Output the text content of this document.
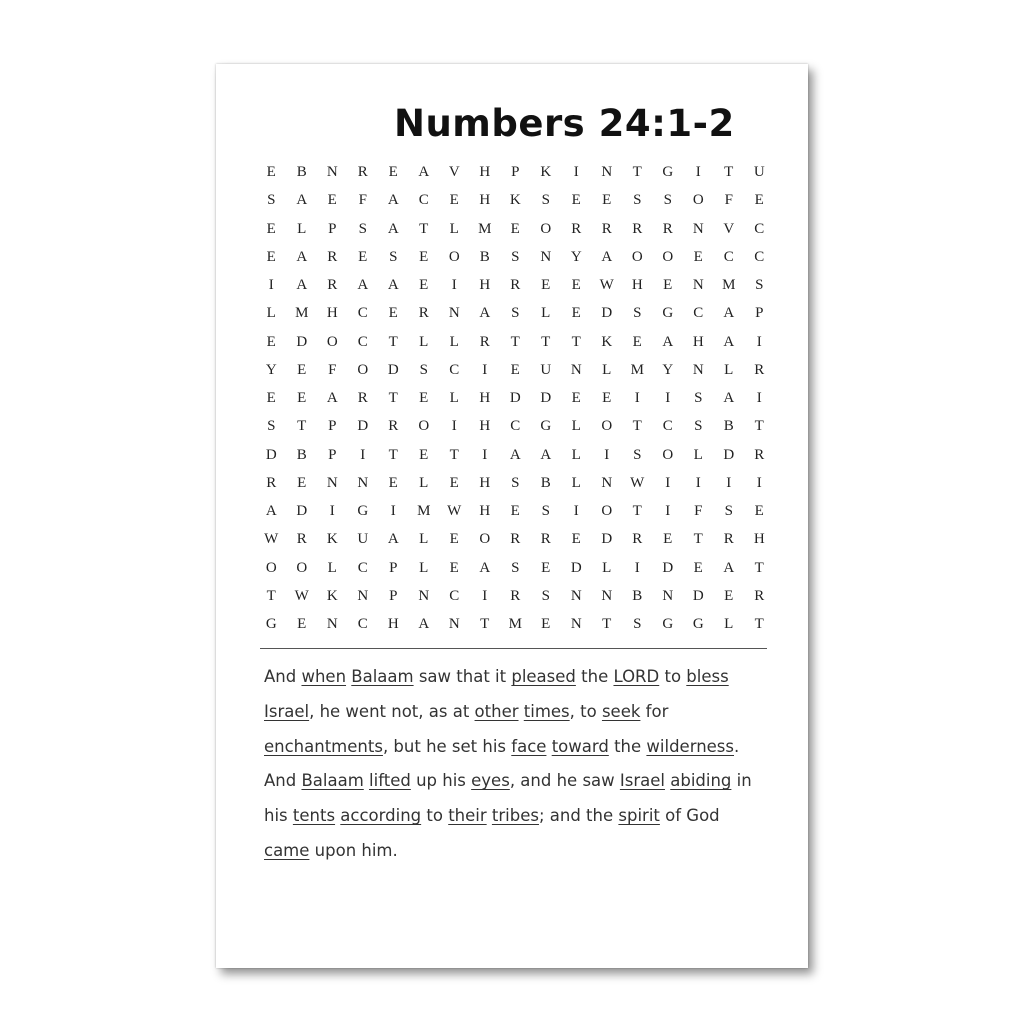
Numbers 24:1-2
E	B	N	R	E	A	V	H	P	K	I	N	T	G	I	T	U
S	A	E	F	A	C	E	H	K	S	E	E	S	S	O	F	E
E	L	P	S	A	T	L	M	E	O	R	R	R	R	N	V	C
E	A	R	E	S	E	O	B	S	N	Y	A	O	O	E	C	C
I	A	R	A	A	E	I	H	R	E	E	W	H	E	N	M	S
L	M	H	C	E	R	N	A	S	L	E	D	S	G	C	A	P
E	D	O	C	T	L	L	R	T	T	T	K	E	A	H	A	I
Y	E	F	O	D	S	C	I	E	U	N	L	M	Y	N	L	R
E	E	A	R	T	E	L	H	D	D	E	E	I	I	S	A	I
S	T	P	D	R	O	I	H	C	G	L	O	T	C	S	B	T
D	B	P	I	T	E	T	I	A	A	L	I	S	O	L	D	R
R	E	N	N	E	L	E	H	S	B	L	N	W	I	I	I	I
A	D	I	G	I	M	W	H	E	S	I	O	T	I	F	S	E
W	R	K	U	A	L	E	O	R	R	E	D	R	E	T	R	H
O	O	L	C	P	L	E	A	S	E	D	L	I	D	E	A	T
T	W	K	N	P	N	C	I	R	S	N	N	B	N	D	E	R
G	E	N	C	H	A	N	T	M	E	N	T	S	G	G	L	T

And when Balaam saw that it pleased the LORD to bless
Israel, he went not, as at other times, to seek for
enchantments, but he set his face toward the wilderness.
And Balaam lifted up his eyes, and he saw Israel abiding in
his tents according to their tribes; and the spirit of God
came upon him.
